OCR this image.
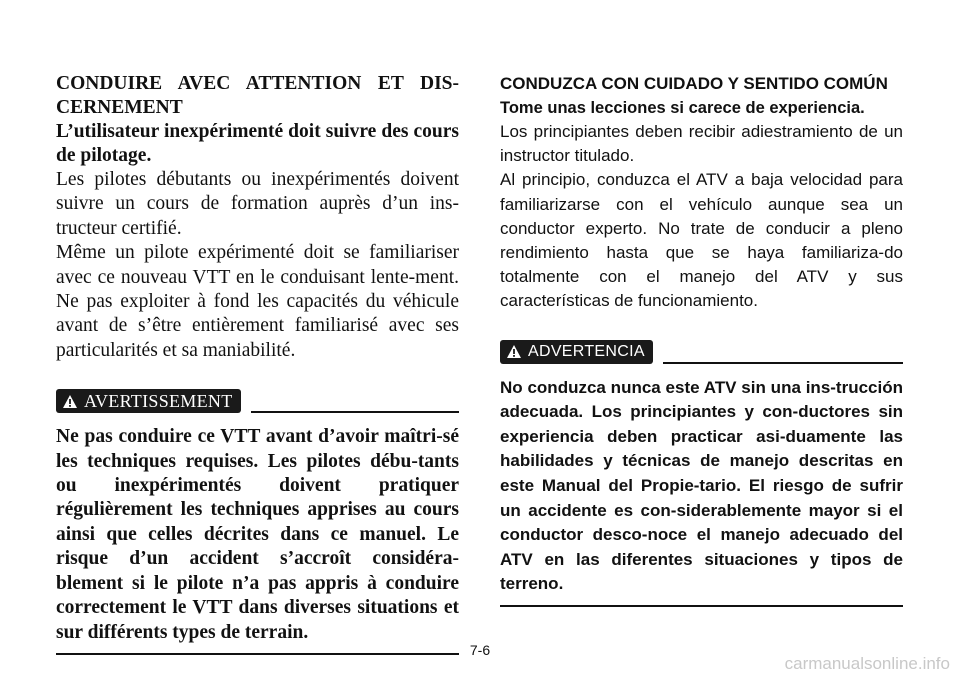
CONDUIRE AVEC ATTENTION ET DIS-CERNEMENT

L’utilisateur inexpérimenté doit suivre des cours de pilotage.

Les pilotes débutants ou inexpérimentés doivent suivre un cours de formation auprès d’un ins-tructeur certifié.

Même un pilote expérimenté doit se familiariser avec ce nouveau VTT en le conduisant lente-ment. Ne pas exploiter à fond les capacités du véhicule avant de s’être entièrement familiarisé avec ses particularités et sa maniabilité.

AVERTISSEMENT

Ne pas conduire ce VTT avant d’avoir maîtri-sé les techniques requises. Les pilotes débu-tants ou inexpérimentés doivent pratiquer régulièrement les techniques apprises au cours ainsi que celles décrites dans ce manuel. Le risque d’un accident s’accroît considéra-blement si le pilote n’a pas appris à conduire correctement le VTT dans diverses situations et sur différents types de terrain.

CONDUZCA CON CUIDADO Y SENTIDO COMÚN

Tome unas lecciones si carece de experiencia.

Los principiantes deben recibir adiestramiento de un instructor titulado.

Al principio, conduzca el ATV a baja velocidad para familiarizarse con el vehículo aunque sea un conductor experto. No trate de conducir a pleno rendimiento hasta que se haya familiariza-do totalmente con el manejo del ATV y sus características de funcionamiento.

ADVERTENCIA

No conduzca nunca este ATV sin una ins-trucción adecuada. Los principiantes y con-ductores sin experiencia deben practicar asi-duamente las habilidades y técnicas de manejo descritas en este Manual del Propie-tario. El riesgo de sufrir un accidente es con-siderablemente mayor si el conductor desco-noce el manejo adecuado del ATV en las diferentes situaciones y tipos de terreno.

7-6
carmanualsonline.info
